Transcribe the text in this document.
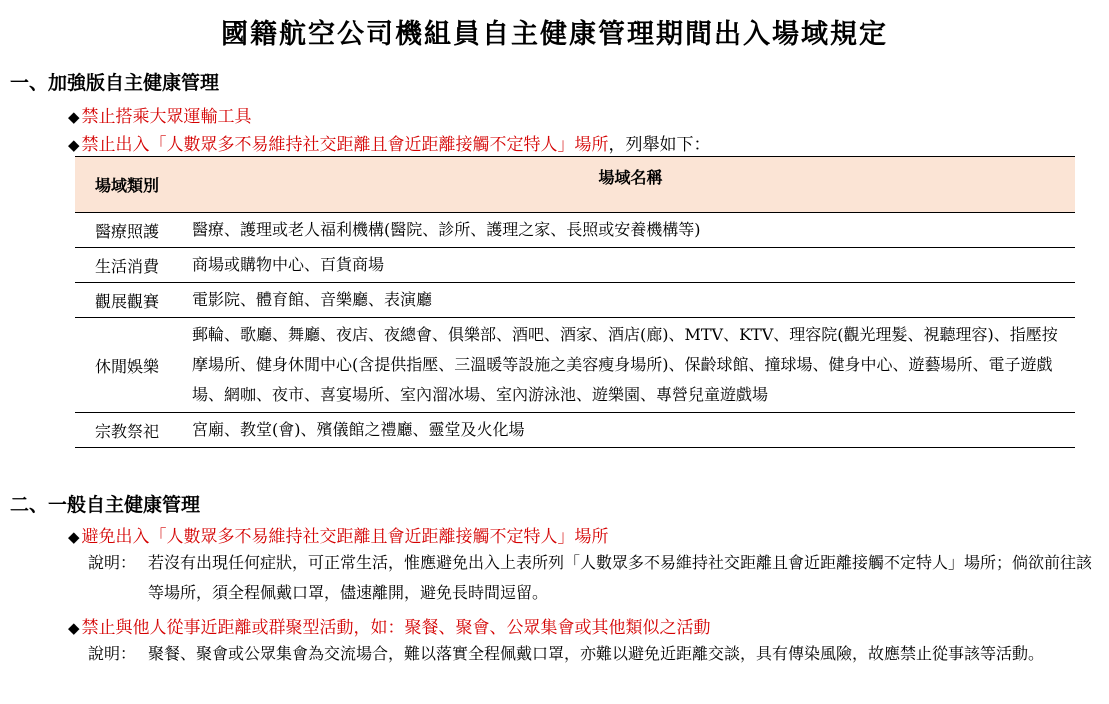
國籍航空公司機組員自主健康管理期間出入場域規定
一、加強版自主健康管理
◆ 禁止搭乘大眾運輸工具
◆ 禁止出入「人數眾多不易維持社交距離且會近距離接觸不定特人」場所，列舉如下：
場域類別	場域名稱
醫療照護	醫療、護理或老人福利機構(醫院、診所、護理之家、長照或安養機構等)
生活消費	商場或購物中心、百貨商場
觀展觀賽	電影院、體育館、音樂廳、表演廳
休閒娛樂	郵輪、歌廳、舞廳、夜店、夜總會、俱樂部、酒吧、酒家、酒店(廊)、MTV、KTV、理容院(觀光理髮、視聽理容)、指壓按摩場所、健身休閒中心(含提供指壓、三溫暖等設施之美容瘦身場所)、保齡球館、撞球場、健身中心、遊藝場所、電子遊戲場、網咖、夜市、喜宴場所、室內溜冰場、室內游泳池、遊樂園、專營兒童遊戲場
宗教祭祀	宮廟、教堂(會)、殯儀館之禮廳、靈堂及火化場
二、一般自主健康管理
◆ 避免出入「人數眾多不易維持社交距離且會近距離接觸不定特人」場所
說明： 若沒有出現任何症狀，可正常生活，惟應避免出入上表所列「人數眾多不易維持社交距離且會近距離接觸不定特人」場所；倘欲前往該等場所，須全程佩戴口罩，儘速離開，避免長時間逗留。
◆ 禁止與他人從事近距離或群聚型活動，如：聚餐、聚會、公眾集會或其他類似之活動
說明： 聚餐、聚會或公眾集會為交流場合，難以落實全程佩戴口罩，亦難以避免近距離交談，具有傳染風險，故應禁止從事該等活動。
